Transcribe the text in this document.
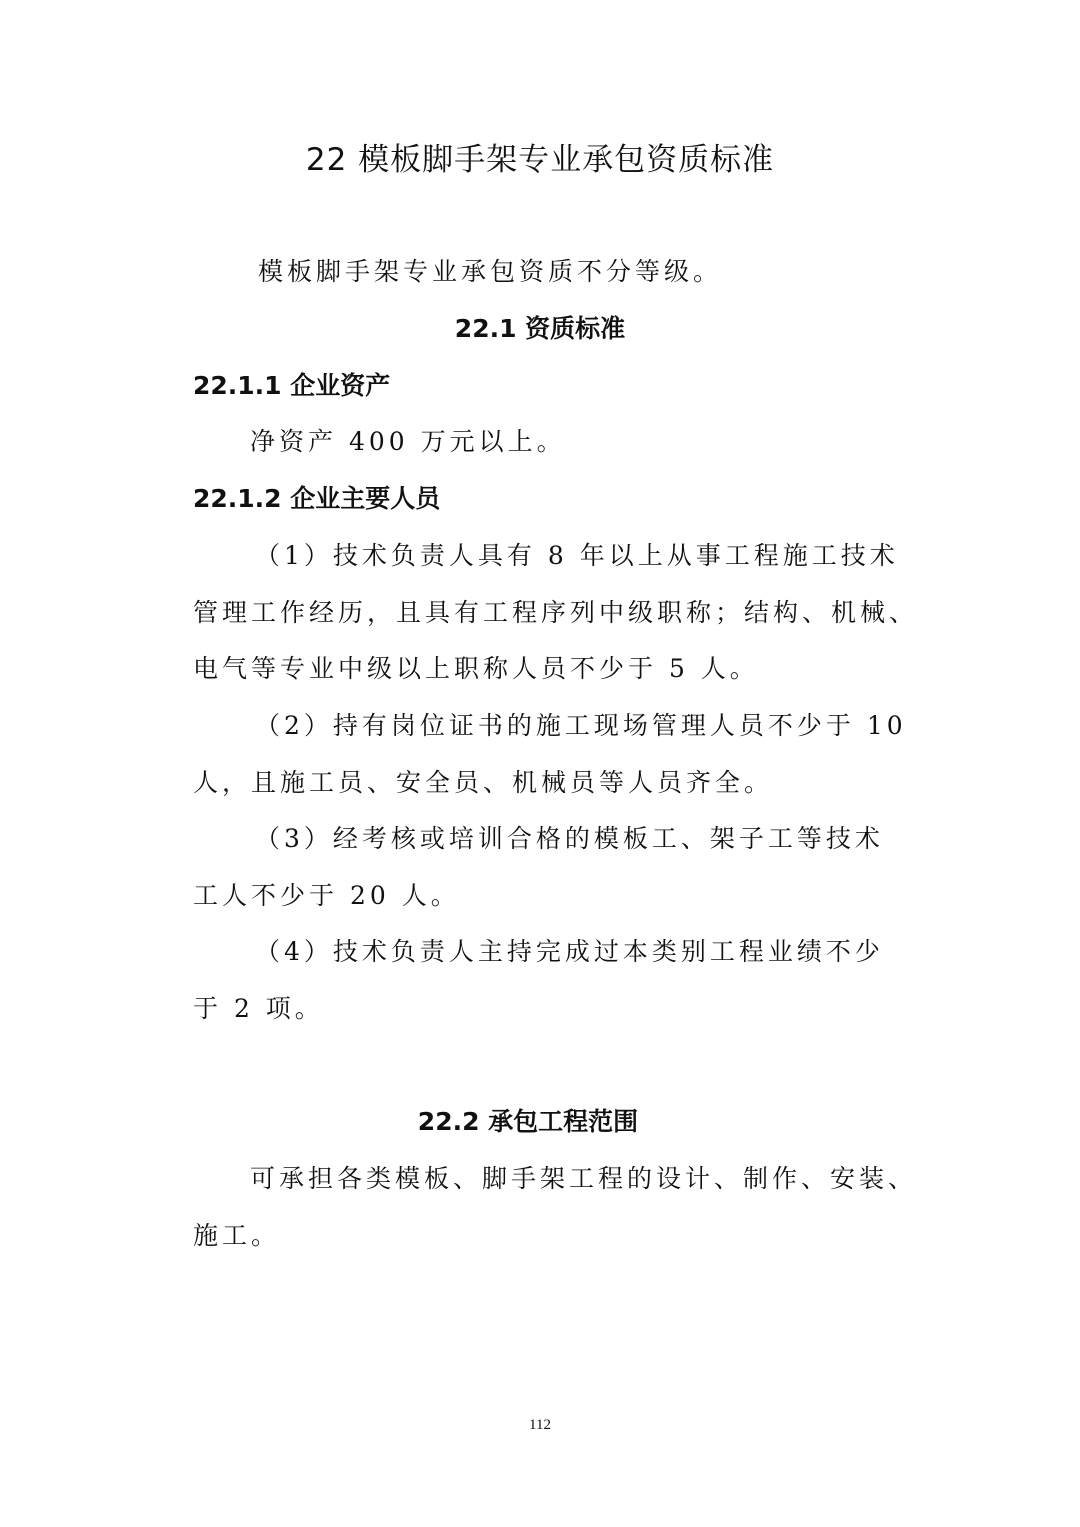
22 模板脚手架专业承包资质标准
模板脚手架专业承包资质不分等级。
22.1 资质标准
22.1.1 企业资产
净资产 400 万元以上。
22.1.2 企业主要人员
（1）技术负责人具有 8 年以上从事工程施工技术
管理工作经历，且具有工程序列中级职称；结构、机械、
电气等专业中级以上职称人员不少于 5 人。
（2）持有岗位证书的施工现场管理人员不少于 10
人，且施工员、安全员、机械员等人员齐全。
（3）经考核或培训合格的模板工、架子工等技术
工人不少于 20 人。
（4）技术负责人主持完成过本类别工程业绩不少
于 2 项。
22.2 承包工程范围
可承担各类模板、脚手架工程的设计、制作、安装、
施工。
112
